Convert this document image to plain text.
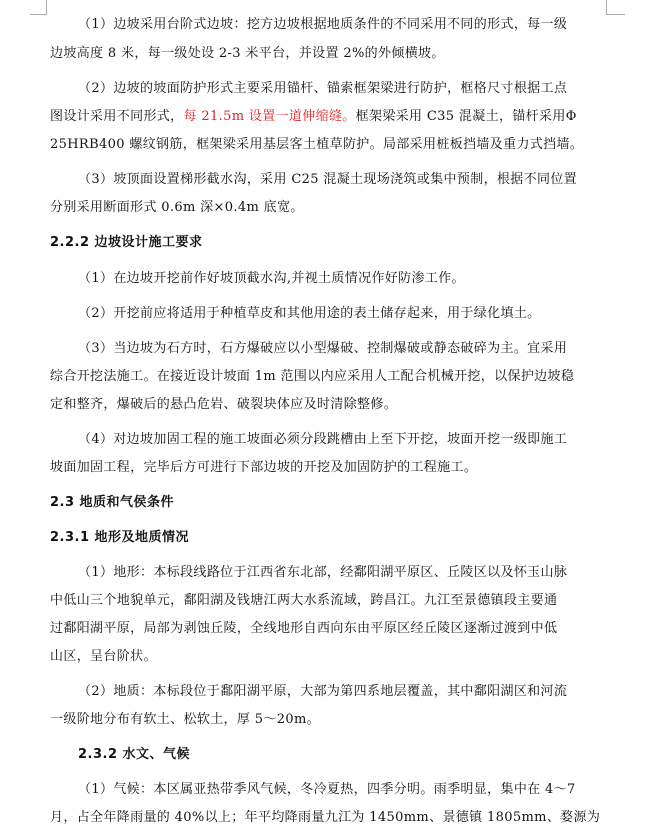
（1）边坡采用台阶式边坡：挖方边坡根据地质条件的不同采用不同的形式，每一级
边坡高度 8 米，每一级处设 2-3 米平台，并设置 2%的外倾横坡。
（2）边坡的坡面防护形式主要采用锚杆、锚索框架梁进行防护，框格尺寸根据工点
图设计采用不同形式，每 21.5m 设置一道伸缩缝。框架梁采用 C35 混凝土，锚杆采用Φ
25HRB400 螺纹钢筋，框架梁采用基层客土植草防护。局部采用桩板挡墙及重力式挡墙。
（3）坡顶面设置梯形截水沟，采用 C25 混凝土现场浇筑或集中预制，根据不同位置
分别采用断面形式 0.6m 深×0.4m 底宽。
2.2.2 边坡设计施工要求
（1）在边坡开挖前作好坡顶截水沟,并视土质情况作好防渗工作。
（2）开挖前应将适用于种植草皮和其他用途的表土储存起来，用于绿化填土。
（3）当边坡为石方时，石方爆破应以小型爆破、控制爆破或静态破碎为主。宜采用
综合开挖法施工。在接近设计坡面 1m 范围以内应采用人工配合机械开挖，以保护边坡稳
定和整齐，爆破后的悬凸危岩、破裂块体应及时清除整修。
（4）对边坡加固工程的施工坡面必须分段跳槽由上至下开挖，坡面开挖一级即施工
坡面加固工程，完毕后方可进行下部边坡的开挖及加固防护的工程施工。
2.3 地质和气侯条件
2.3.1 地形及地质情况
（1）地形：本标段线路位于江西省东北部，经鄱阳湖平原区、丘陵区以及怀玉山脉
中低山三个地貌单元，鄱阳湖及钱塘江两大水系流域，跨昌江。九江至景德镇段主要通
过鄱阳湖平原，局部为剥蚀丘陵，全线地形自西向东由平原区经丘陵区逐渐过渡到中低
山区，呈台阶状。
（2）地质：本标段位于鄱阳湖平原，大部为第四系地层覆盖，其中鄱阳湖区和河流
一级阶地分布有软土、松软土，厚 5～20m。
2.3.2 水文、气候
（1）气候：本区属亚热带季风气候，冬冷夏热，四季分明。雨季明显，集中在 4～7
月，占全年降雨量的 40%以上；年平均降雨量九江为 1450mm、景德镇 1805mm、婺源为
